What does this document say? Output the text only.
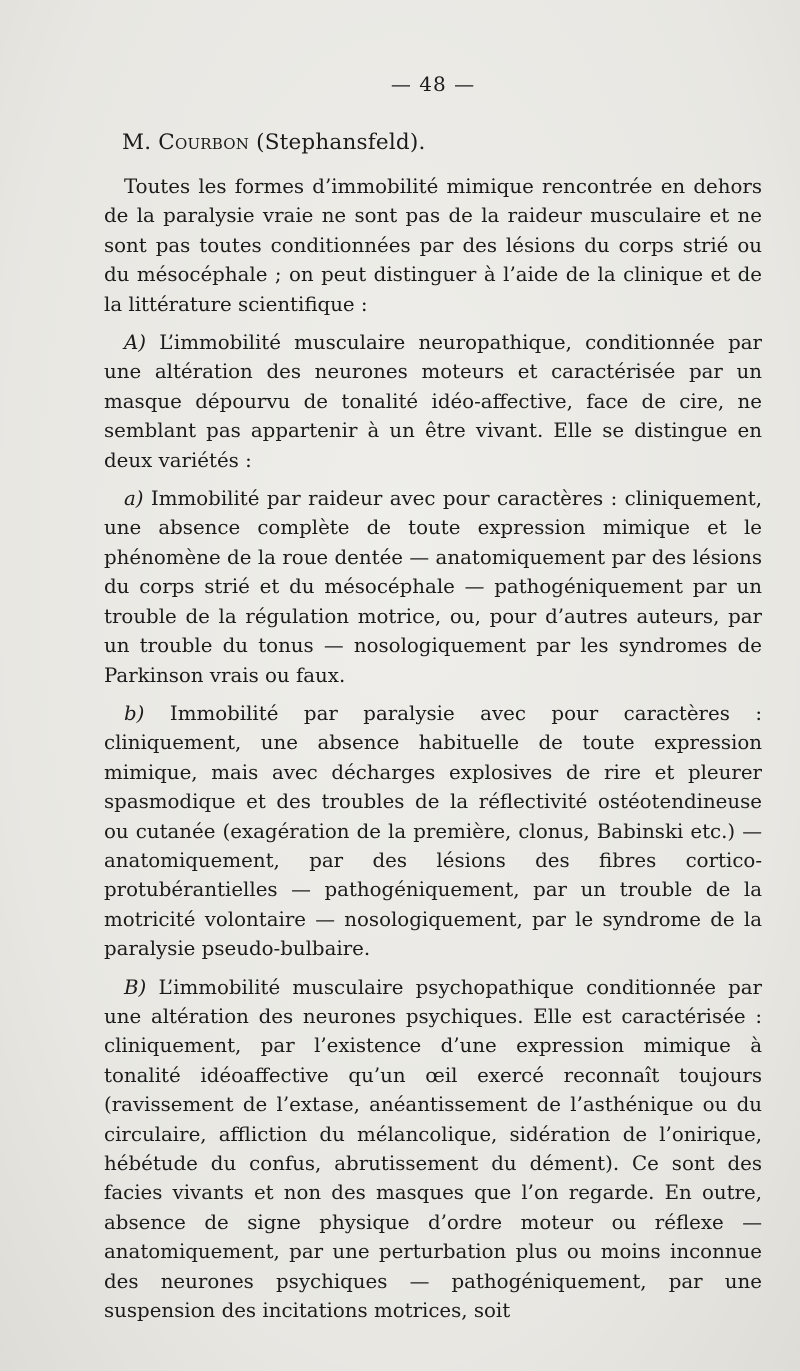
— 48 —

M. Courbon (Stephansfeld).

Toutes les formes d’immobilité mimique rencontrée en dehors de la paralysie vraie ne sont pas de la raideur musculaire et ne sont pas toutes conditionnées par des lésions du corps strié ou du mésocéphale ; on peut distinguer à l’aide de la clinique et de la littérature scientifique :

A) L’immobilité musculaire neuropathique, conditionnée par une altération des neurones moteurs et caractérisée par un masque dépourvu de tonalité idéo-affective, face de cire, ne semblant pas appartenir à un être vivant. Elle se distingue en deux variétés :

a) Immobilité par raideur avec pour caractères : cliniquement, une absence complète de toute expression mimique et le phénomène de la roue dentée — anatomiquement par des lésions du corps strié et du mésocéphale — pathogéniquement par un trouble de la régulation motrice, ou, pour d’autres auteurs, par un trouble du tonus — nosologiquement par les syndromes de Parkinson vrais ou faux.

b) Immobilité par paralysie avec pour caractères : cliniquement, une absence habituelle de toute expression mimique, mais avec décharges explosives de rire et pleurer spasmodique et des troubles de la réflectivité ostéotendineuse ou cutanée (exagération de la première, clonus, Babinski etc.) — anatomiquement, par des lésions des fibres cortico-protubérantielles — pathogéniquement, par un trouble de la motricité volontaire — nosologiquement, par le syndrome de la paralysie pseudo-bulbaire.

B) L’immobilité musculaire psychopathique conditionnée par une altération des neurones psychiques. Elle est caractérisée : cliniquement, par l’existence d’une expression mimique à tonalité idéoaffective qu’un œil exercé reconnaît toujours (ravissement de l’extase, anéantissement de l’asthénique ou du circulaire, affliction du mélancolique, sidération de l’onirique, hébétude du confus, abrutissement du dément). Ce sont des facies vivants et non des masques que l’on regarde. En outre, absence de signe physique d’ordre moteur ou réflexe — anatomiquement, par une perturbation plus ou moins inconnue des neurones psychiques — pathogéniquement, par une suspension des incitations motrices, soit
